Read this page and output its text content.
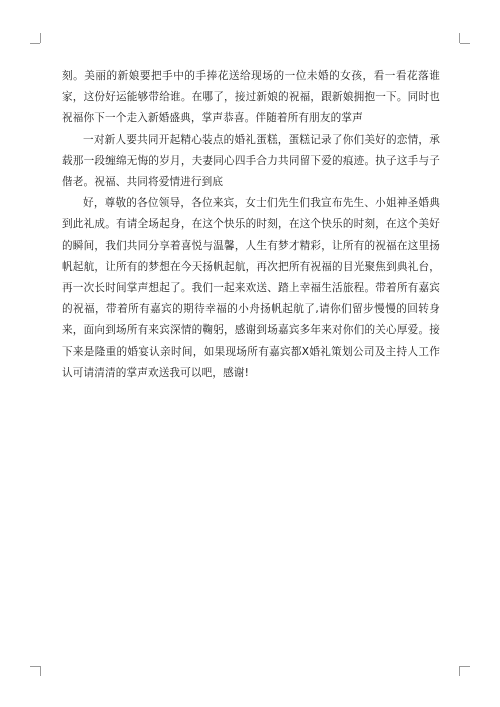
刻。美丽的新娘要把手中的手捧花送给现场的一位未婚的女孩，看一看花落谁家，这份好运能够带给谁。在哪了，接过新娘的祝福，跟新娘拥抱一下。同时也祝福你下一个走入新婚盛典，掌声恭喜。伴随着所有朋友的掌声

一对新人要共同开起精心装点的婚礼蛋糕，蛋糕记录了你们美好的恋情，承载那一段缠绵无悔的岁月，夫妻同心四手合力共同留下爱的痕迹。执子这手与子偕老。祝福、共同将爱情进行到底

好，尊敬的各位领导，各位来宾，女士们先生们我宣布先生、小姐神圣婚典到此礼成。有请全场起身，在这个快乐的时刻，在这个快乐的时刻，在这个美好的瞬间，我们共同分享着喜悦与温馨，人生有梦才精彩，让所有的祝福在这里扬帆起航，让所有的梦想在今天扬帆起航，再次把所有祝福的目光聚焦到典礼台，再一次长时间掌声想起了。我们一起来欢送、踏上幸福生活旅程。带着所有嘉宾的祝福，带着所有嘉宾的期待幸福的小舟扬帆起航了,请你们留步慢慢的回转身来，面向到场所有来宾深情的鞠躬，感谢到场嘉宾多年来对你们的关心厚爱。接下来是隆重的婚宴认亲时间，如果现场所有嘉宾都X婚礼策划公司及主持人工作认可请清清的掌声欢送我可以吧，感谢!
